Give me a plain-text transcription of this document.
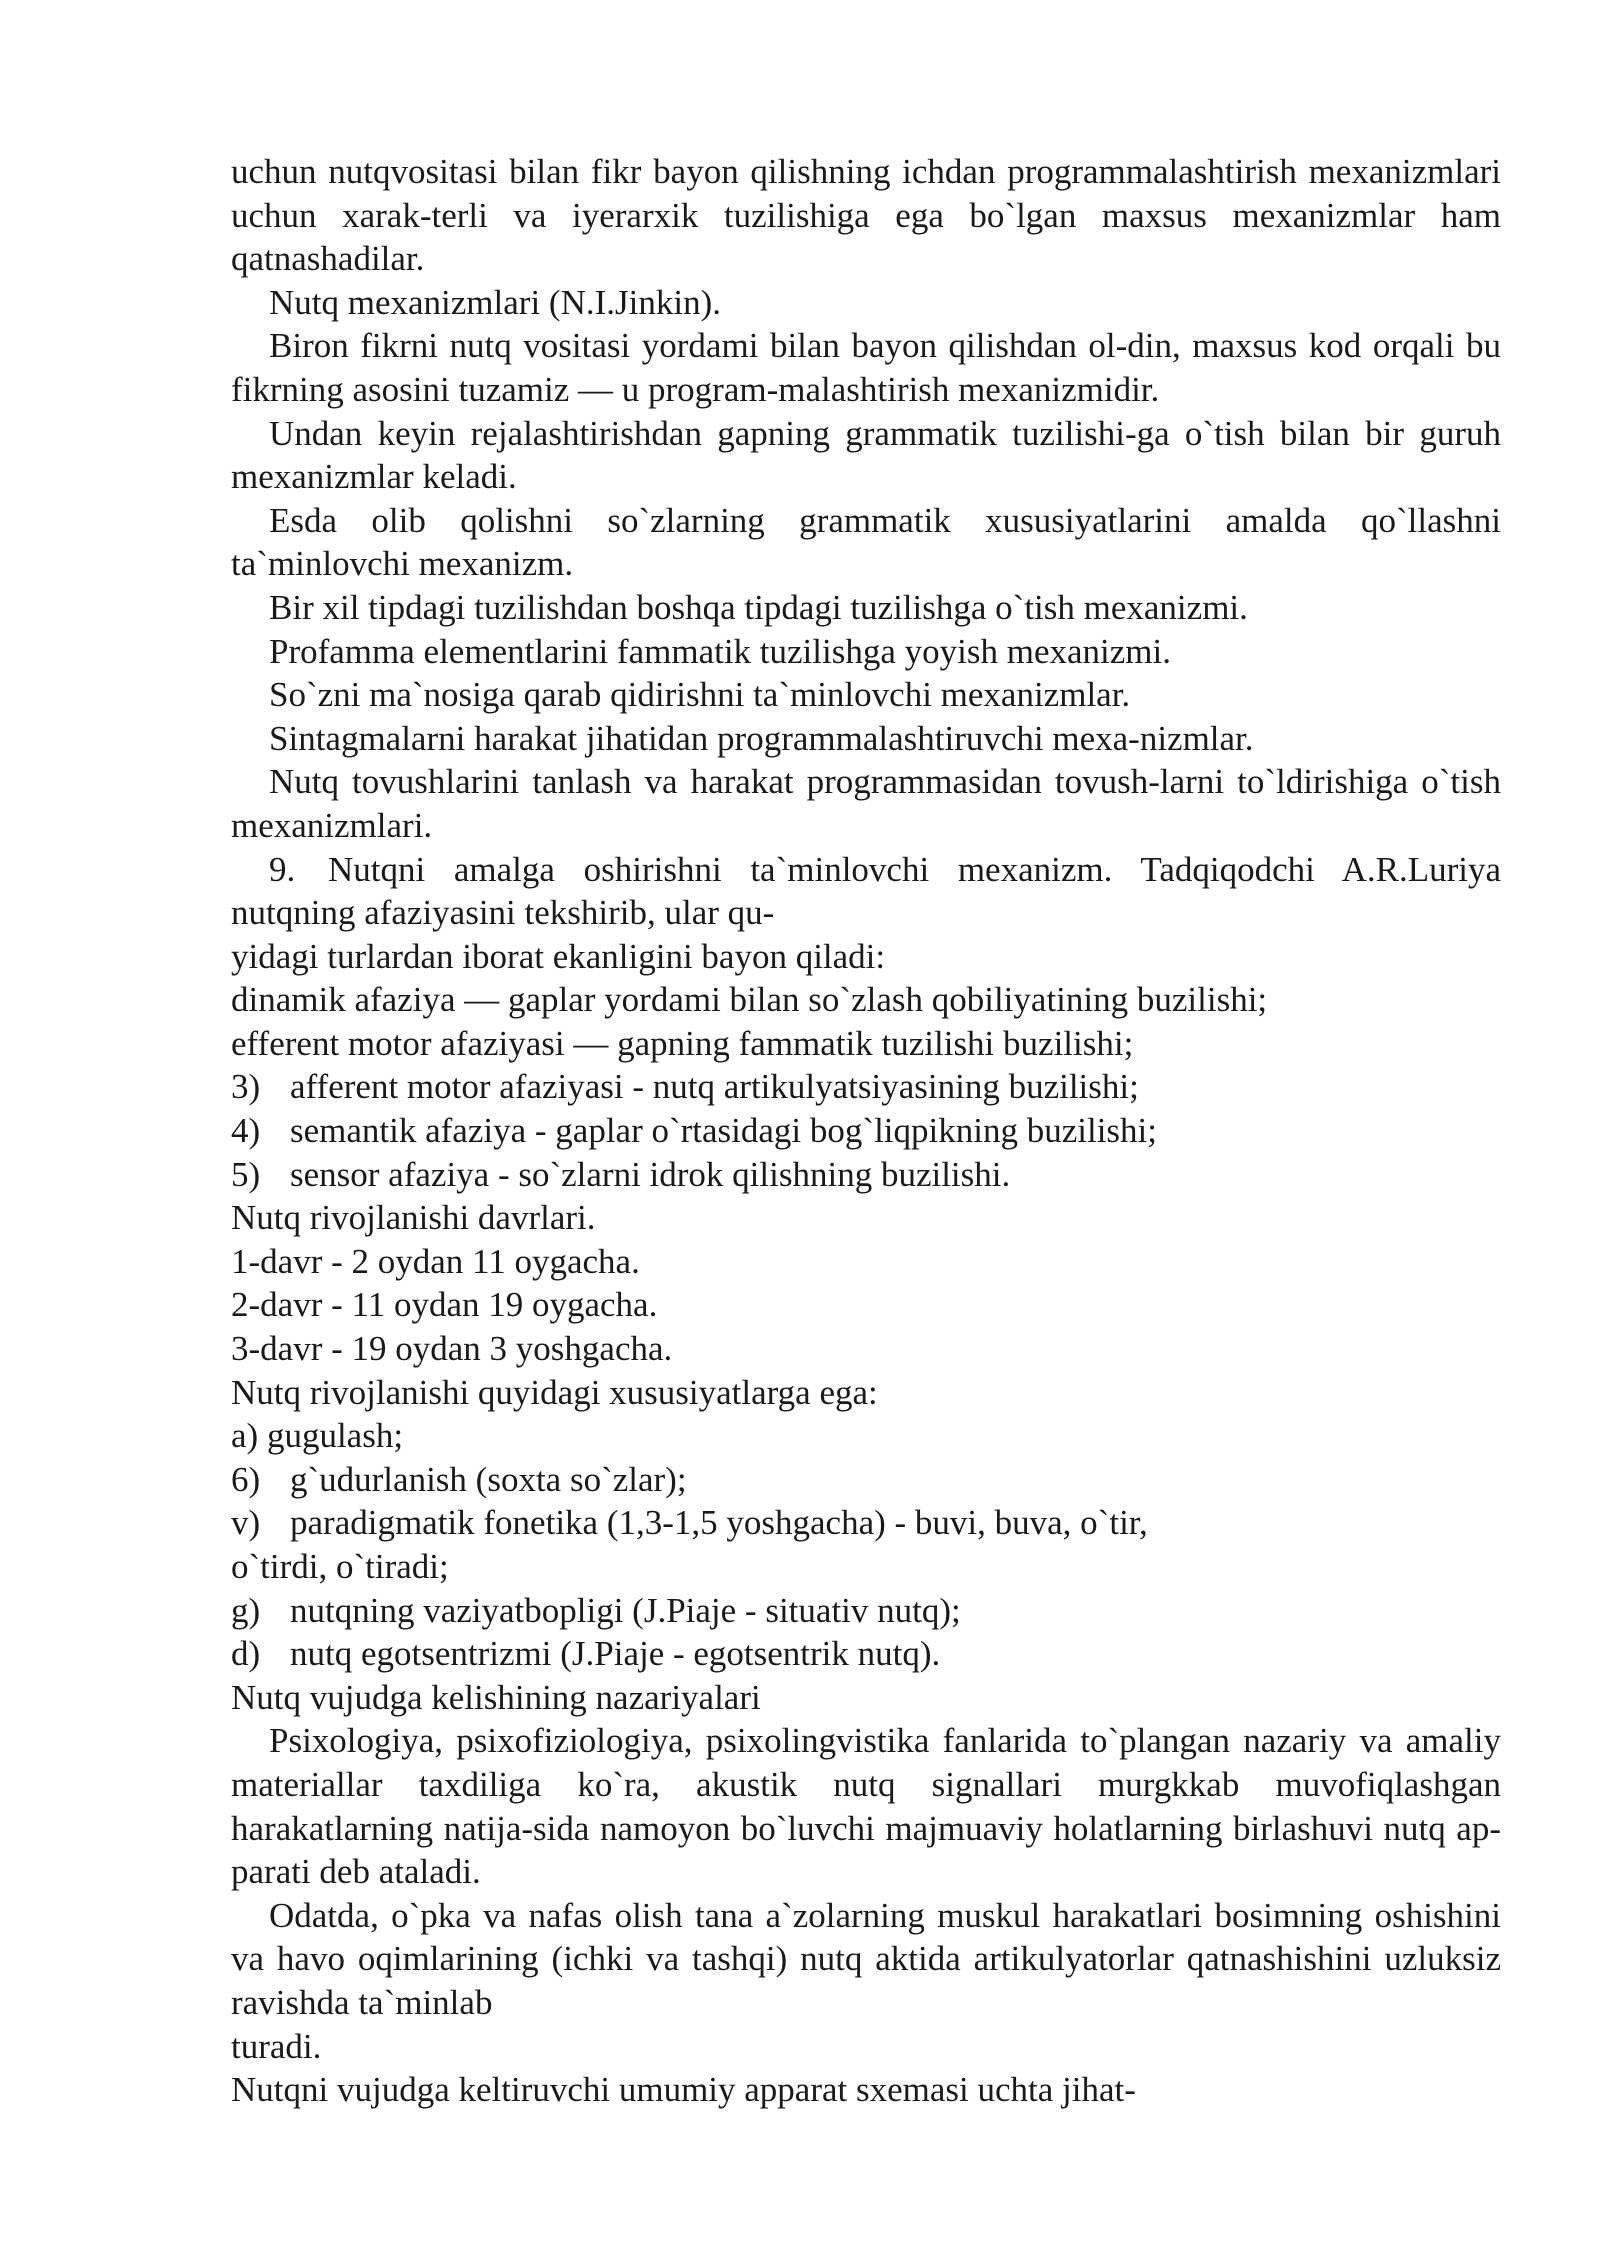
uchun nutqvositasi bilan fikr bayon qilishning ichdan programmalashtirish mexanizmlari uchun xarak-terli va iyerarxik tuzilishiga ega bo`lgan maxsus mexanizmlar ham qatnashadilar.

Nutq mexanizmlari (N.I.Jinkin).

Biron fikrni nutq vositasi yordami bilan bayon qilishdan ol-din, maxsus kod orqali bu fikrning asosini tuzamiz — u program-malashtirish mexanizmidir.

Undan keyin rejalashtirishdan gapning grammatik tuzilishi-ga o`tish bilan bir guruh mexanizmlar keladi.

Esda olib qolishni so`zlarning grammatik xususiyatlarini amalda qo`llashni ta`minlovchi mexanizm.

Bir xil tipdagi tuzilishdan boshqa tipdagi tuzilishga o`tish mexanizmi.

Profamma elementlarini fammatik tuzilishga yoyish mexanizmi.

So`zni ma`nosiga qarab qidirishni ta`minlovchi mexanizmlar.

Sintagmalarni harakat jihatidan programmalashtiruvchi mexa-nizmlar.

Nutq tovushlarini tanlash va harakat programmasidan tovush-larni to`ldirishiga o`tish mexanizmlari.

9. Nutqni amalga oshirishni ta`minlovchi mexanizm. Tadqiqodchi A.R.Luriya nutqning afaziyasini tekshirib, ular qu-

yidagi turlardan iborat ekanligini bayon qiladi:

dinamik afaziya — gaplar yordami bilan so`zlash qobiliyatining buzilishi;

efferent motor afaziyasi — gapning fammatik tuzilishi buzilishi;

3) afferent motor afaziyasi - nutq artikulyatsiyasining buzilishi;

4) semantik afaziya - gaplar o`rtasidagi bog`liqpikning buzilishi;

5) sensor afaziya - so`zlarni idrok qilishning buzilishi.

Nutq rivojlanishi davrlari.

1-davr - 2 oydan 11 oygacha.

2-davr - 11 oydan 19 oygacha.

3-davr - 19 oydan 3 yoshgacha.

Nutq rivojlanishi quyidagi xususiyatlarga ega:

a) gugulash;

6) g`udurlanish (soxta so`zlar);

v) paradigmatik fonetika (1,3-1,5 yoshgacha) - buvi, buva, o`tir,

o`tirdi, o`tiradi;

g) nutqning vaziyatbopligi (J.Piaje - situativ nutq);

d) nutq egotsentrizmi (J.Piaje - egotsentrik nutq).

Nutq vujudga kelishining nazariyalari

Psixologiya, psixofiziologiya, psixolingvistika fanlarida to`plangan nazariy va amaliy materiallar taxdiliga ko`ra, akustik nutq signallari murgkkab muvofiqlashgan harakatlarning natija-sida namoyon bo`luvchi majmuaviy holatlarning birlashuvi nutq ap-parati deb ataladi.

Odatda, o`pka va nafas olish tana a`zolarning muskul harakatlari bosimning oshishini va havo oqimlarining (ichki va tashqi) nutq aktida artikulyatorlar qatnashishini uzluksiz ravishda ta`minlab

turadi.

Nutqni vujudga keltiruvchi umumiy apparat sxemasi uchta jihat-
